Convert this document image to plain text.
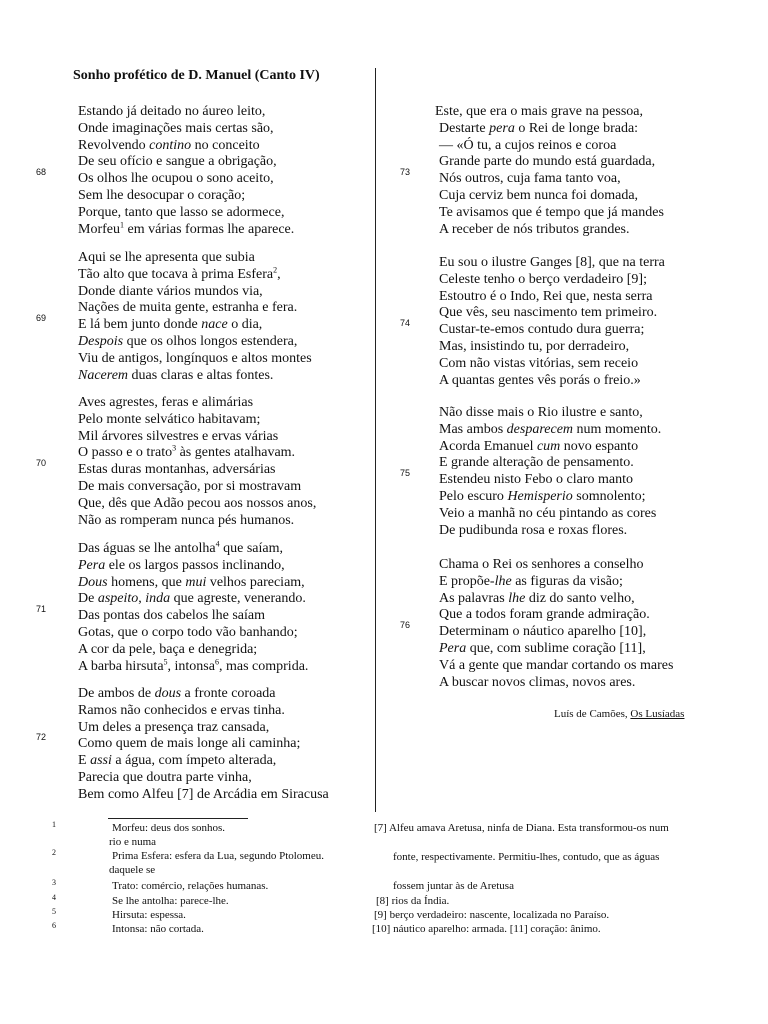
Sonho profético de D. Manuel (Canto IV)
Estando já deitado no áureo leito,
Onde imaginações mais certas são,
Revolvendo contino no conceito
De seu ofício e sangue a obrigação,
Os olhos lhe ocupou o sono aceito,
Sem lhe desocupar o coração;
Porque, tanto que lasso se adormece,
Morfeu$^1$ em várias formas lhe aparece.
68
Aqui se lhe apresenta que subia
Tão alto que tocava à prima Esfera$^2$,
Donde diante vários mundos via,
Nações de muita gente, estranha e fera.
E lá bem junto donde nace o dia,
Despois que os olhos longos estendera,
Viu de antigos, longínquos e altos montes
Nacerem duas claras e altas fontes.
69
Aves agrestes, feras e alimárias
Pelo monte selvático habitavam;
Mil árvores silvestres e ervas várias
O passo e o trato$^3$ às gentes atalhavam.
Estas duras montanhas, adversárias
De mais conversação, por si mostravam
Que, dês que Adão pecou aos nossos anos,
Não as romperam nunca pés humanos.
70
Das águas se lhe antolha$^4$ que saíam,
Pera ele os largos passos inclinando,
Dous homens, que mui velhos pareciam,
De aspeito, inda que agreste, venerando.
Das pontas dos cabelos lhe saíam
Gotas, que o corpo todo vão banhando;
A cor da pele, baça e denegrida;
A barba hirsuta$^5$, intonsa$^6$, mas comprida.
71
De ambos de dous a fronte coroada
Ramos não conhecidos e ervas tinha.
Um deles a presença traz cansada,
Como quem de mais longe ali caminha;
E assi a água, com ímpeto alterada,
Parecia que doutra parte vinha,
Bem como Alfeu [7] de Arcádia em Siracusa
72
Este, que era o mais grave na pessoa,
Destarte pera o Rei de longe brada:
— «Ó tu, a cujos reinos e coroa
Grande parte do mundo está guardada,
Nós outros, cuja fama tanto voa,
Cuja cerviz bem nunca foi domada,
Te avisamos que é tempo que já mandes
A receber de nós tributos grandes.
73
Eu sou o ilustre Ganges [8], que na terra
Celeste tenho o berço verdadeiro [9];
Estoutro é o Indo, Rei que, nesta serra
Que vês, seu nascimento tem primeiro.
Custar-te-emos contudo dura guerra;
Mas, insistindo tu, por derradeiro,
Com não vistas vitórias, sem receio
A quantas gentes vês porás o freio.»
74
Não disse mais o Rio ilustre e santo,
Mas ambos desparecem num momento.
Acorda Emanuel cum novo espanto
E grande alteração de pensamento.
Estendeu nisto Febo o claro manto
Pelo escuro Hemisperio somnolento;
Veio a manhã no céu pintando as cores
De pudibunda rosa e roxas flores.
75
Chama o Rei os senhores a conselho
E propõe-lhe as figuras da visão;
As palavras lhe diz do santo velho,
Que a todos foram grande admiração.
Determinam o náutico aparelho [10],
Pera que, com sublime coração [11],
Vá a gente que mandar cortando os mares
A buscar novos climas, novos ares.
76
Luís de Camões, Os Lusíadas
1	Morfeu: deus dos sonhos.
rio e numa
2	Prima Esfera: esfera da Lua, segundo Ptolomeu.
daquele se
3	Trato: comércio, relações humanas.
4	Se lhe antolha: parece-lhe.
5	Hirsuta: espessa.
6	Intonsa: não cortada.
[7] Alfeu amava Aretusa, ninfa de Diana. Esta transformou-os num
fonte, respectivamente. Permitiu-lhes, contudo, que as águas
fossem juntar às de Aretusa
[8] rios da Índia.
[9] berço verdadeiro: nascente, localizada no Paraíso.
[10] náutico aparelho: armada. [11] coração: ânimo.
